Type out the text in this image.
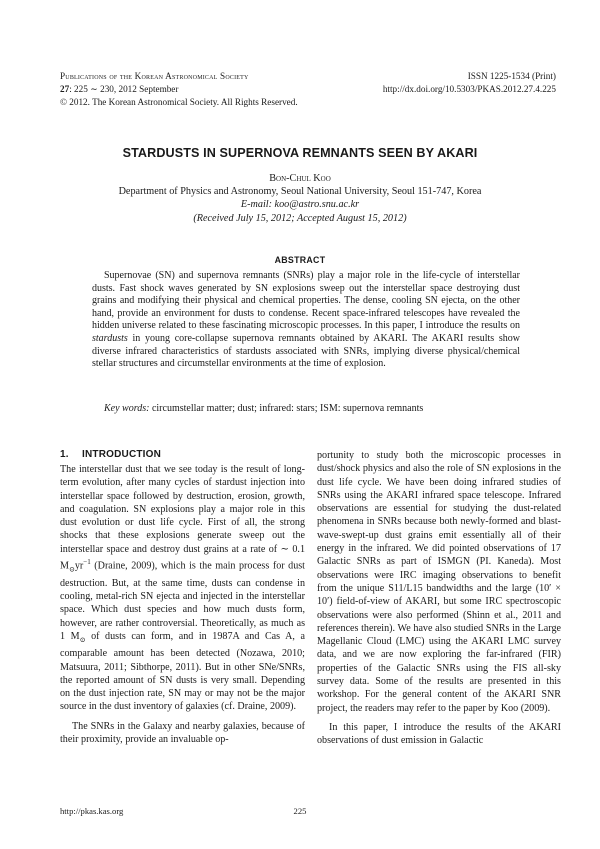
Publications of the Korean Astronomical Society
27: 225 ∼ 230, 2012 September
© 2012. The Korean Astronomical Society. All Rights Reserved.
ISSN 1225-1534 (Print)
http://dx.doi.org/10.5303/PKAS.2012.27.4.225
STARDUSTS IN SUPERNOVA REMNANTS SEEN BY AKARI
Bon-Chul Koo
Department of Physics and Astronomy, Seoul National University, Seoul 151-747, Korea
E-mail: koo@astro.snu.ac.kr
(Received July 15, 2012; Accepted August 15, 2012)
ABSTRACT

Supernovae (SN) and supernova remnants (SNRs) play a major role in the life-cycle of interstellar dusts. Fast shock waves generated by SN explosions sweep out the interstellar space destroying dust grains and modifying their physical and chemical properties. The dense, cooling SN ejecta, on the other hand, provide an environment for dusts to condense. Recent space-infrared telescopes have revealed the hidden universe related to these fascinating microscopic processes. In this paper, I introduce the results on stardusts in young core-collapse supernova remnants obtained by AKARI. The AKARI results show diverse infrared characteristics of stardusts associated with SNRs, implying diverse physical/chemical stellar structures and circumstellar environments at the time of explosion.

Key words: circumstellar matter; dust; infrared: stars; ISM: supernova remnants

1. INTRODUCTION

The interstellar dust that we see today is the result of long-term evolution, after many cycles of stardust injection into interstellar space followed by destruction, erosion, growth, and coagulation. SN explosions play a major role in this dust evolution or dust life cycle. First of all, the strong shocks that these explosions generate sweep out the interstellar space and destroy dust grains at a rate of ∼ 0.1 $M_⊙yr^{-1}$ (Draine, 2009), which is the main process for dust destruction. But, at the same time, dusts can condense in cooling, metal-rich SN ejecta and injected in the interstellar space. Which dust species and how much dusts form, however, are rather controversial. Theoretically, as much as 1 $M_⊙$ of dusts can form, and in 1987A and Cas A, a comparable amount has been detected (Nozawa, 2010; Matsuura, 2011; Sibthorpe, 2011). But in other SNe/SNRs, the reported amount of SN dusts is very small. Depending on the dust injection rate, SN may or may not be the major source in the dust inventory of galaxies (cf. Draine, 2009).

The SNRs in the Galaxy and nearby galaxies, because of their proximity, provide an invaluable op-

portunity to study both the microscopic processes in dust/shock physics and also the role of SN explosions in the dust life cycle. We have been doing infrared studies of SNRs using the AKARI infrared space telescope. Infrared observations are essential for studying the dust-related phenomena in SNRs because both newly-formed and blast-wave-swept-up dust grains emit essentially all of their energy in the infrared. We did pointed observations of 17 Galactic SNRs as part of ISMGN (PI. Kaneda). Most observations were IRC imaging observations to benefit from the unique S11/L15 bandwidths and the large (10′ × 10′) field-of-view of AKARI, but some IRC spectroscopic observations were also performed (Shinn et al., 2011 and references therein). We have also studied SNRs in the Large Magellanic Cloud (LMC) using the AKARI LMC survey data, and we are now exploring the far-infrared (FIR) properties of the Galactic SNRs using the FIS all-sky survey data. Some of the results are presented in this workshop. For the general content of the AKARI SNR project, the readers may refer to the paper by Koo (2009).

In this paper, I introduce the results of the AKARI observations of dust emission in Galactic

http://pkas.kas.org	225
